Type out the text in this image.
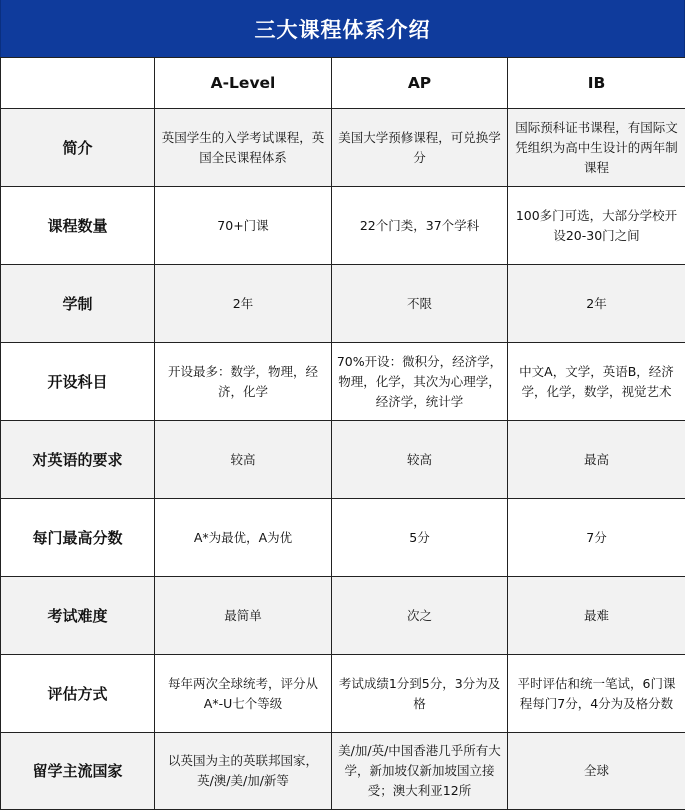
三大课程体系介绍
	A-Level	AP	IB
简介	英国学生的入学考试课程，英国全民课程体系	美国大学预修课程，可兑换学分	国际预科证书课程，有国际文凭组织为高中生设计的两年制课程
课程数量	70+门课	22个门类，37个学科	100多门可选，大部分学校开设20-30门之间
学制	2年	不限	2年
开设科目	开设最多：数学，物理，经济，化学	70%开设：微积分，经济学，物理，化学，其次为心理学，经济学，统计学	中文A，文学，英语B，经济学，化学，数学，视觉艺术
对英语的要求	较高	较高	最高
每门最高分数	A*为最优，A为优	5分	7分
考试难度	最简单	次之	最难
评估方式	每年两次全球统考，评分从A*-U七个等级	考试成绩1分到5分，3分为及格	平时评估和统一笔试，6门课程每门7分，4分为及格分数
留学主流国家	以英国为主的英联邦国家，英/澳/美/加/新等	美/加/英/中国香港几乎所有大学，新加坡仅新加坡国立接受；澳大利亚12所	全球
